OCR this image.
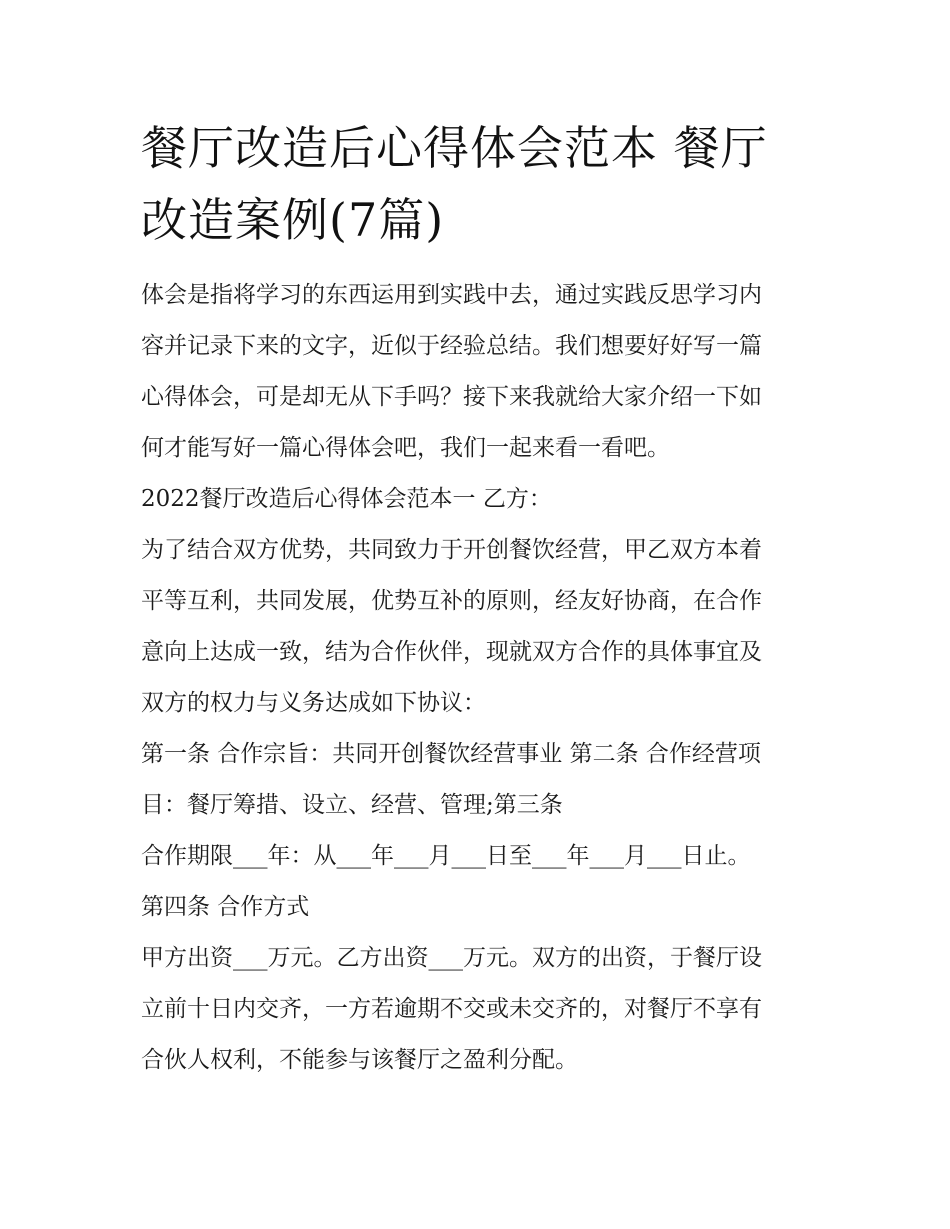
餐厅改造后心得体会范本 餐厅
改造案例(7篇)

体会是指将学习的东西运用到实践中去，通过实践反思学习内
容并记录下来的文字，近似于经验总结。我们想要好好写一篇
心得体会，可是却无从下手吗？接下来我就给大家介绍一下如
何才能写好一篇心得体会吧，我们一起来看一看吧。

2022餐厅改造后心得体会范本一 乙方：

为了结合双方优势，共同致力于开创餐饮经营，甲乙双方本着
平等互利，共同发展，优势互补的原则，经友好协商，在合作
意向上达成一致，结为合作伙伴，现就双方合作的具体事宜及
双方的权力与义务达成如下协议：

第一条 合作宗旨：共同开创餐饮经营事业 第二条 合作经营项
目：餐厅筹措、设立、经营、管理;第三条

合作期限___年：从___年___月___日至___年___月___日止。

第四条 合作方式

甲方出资___万元。乙方出资___万元。双方的出资，于餐厅设
立前十日内交齐，一方若逾期不交或未交齐的，对餐厅不享有
合伙人权利，不能参与该餐厅之盈利分配。
